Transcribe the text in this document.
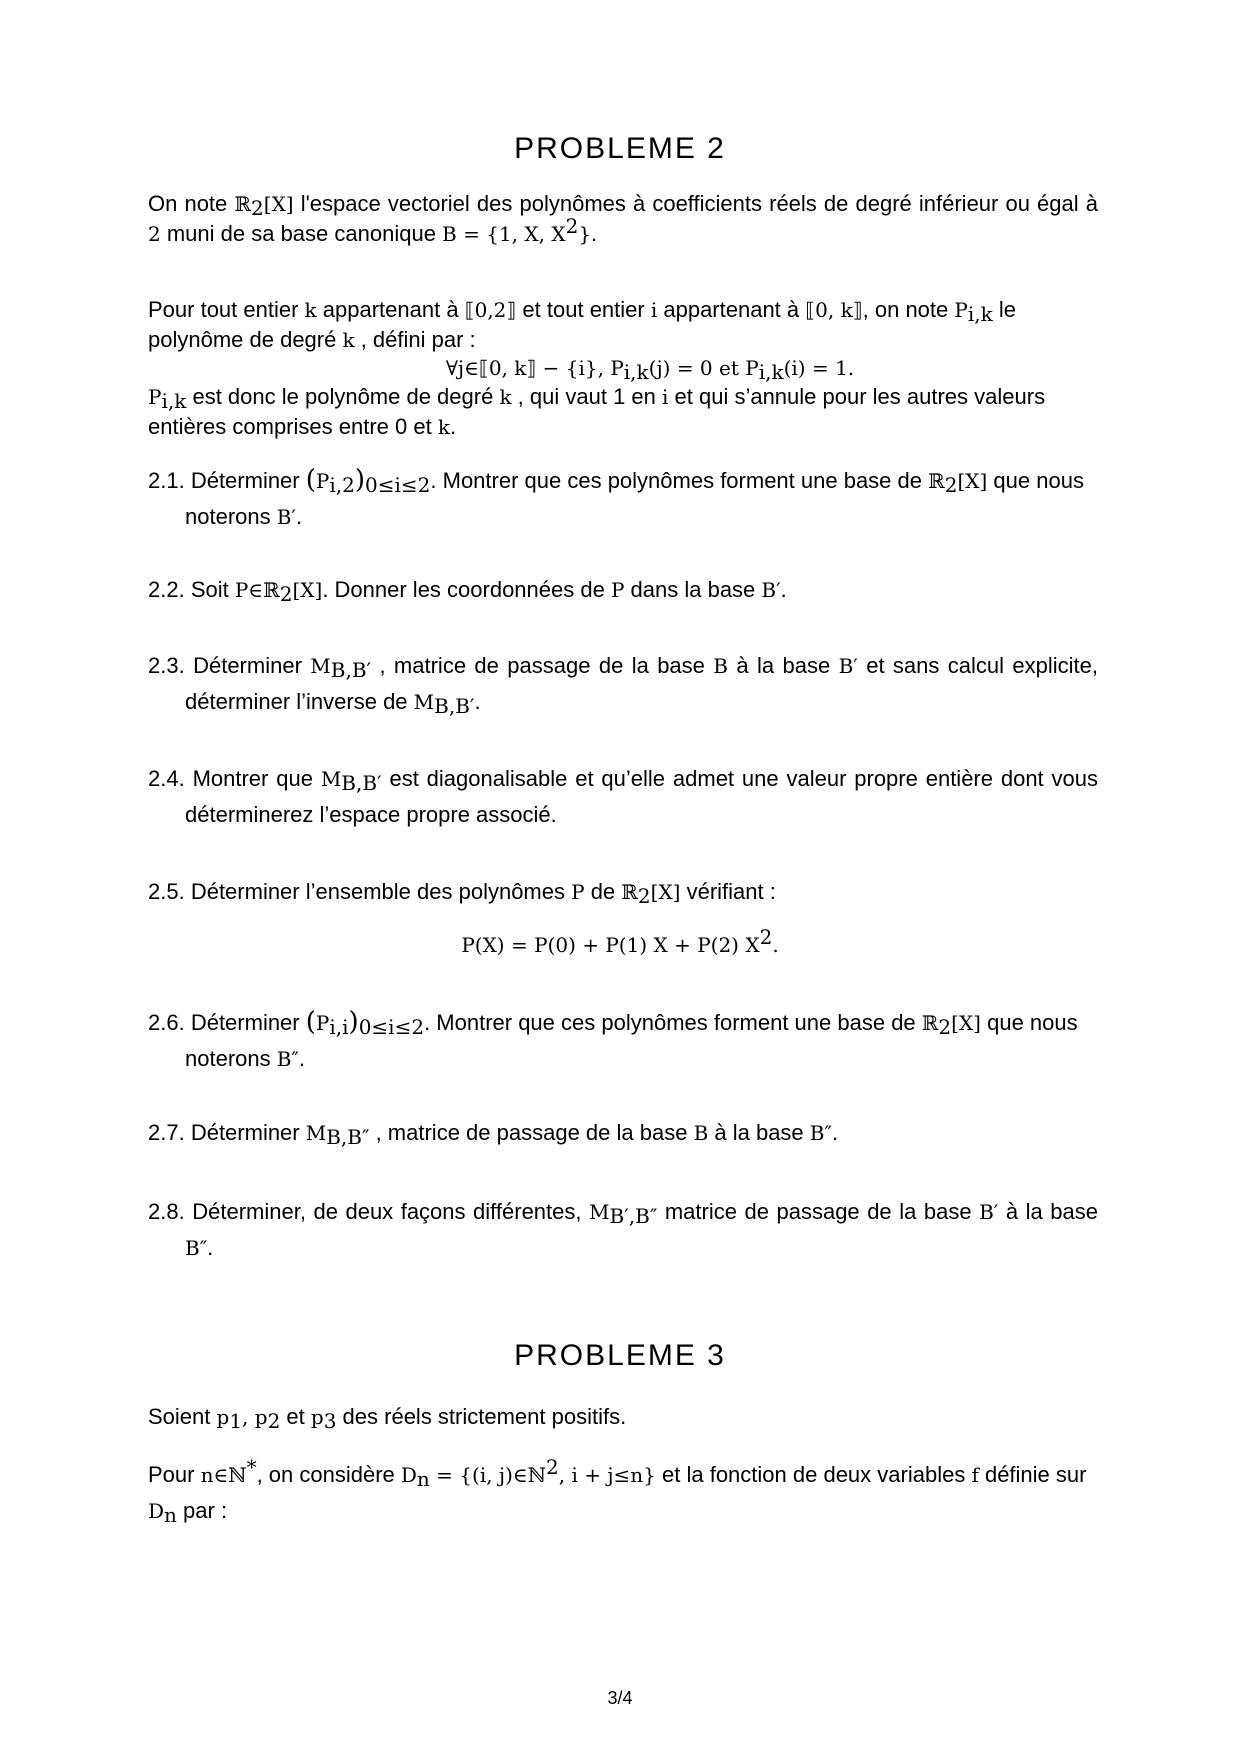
PROBLEME 2
On note ℝ$_2$[X] l'espace vectoriel des polynômes à coefficients réels de degré inférieur ou égal à 2 muni de sa base canonique B = {1, X, $X^2$}.
Pour tout entier k appartenant à ⟦0,2⟧ et tout entier i appartenant à ⟦0, k⟧, on note $P_{i,k}$ le polynôme de degré k , défini par :
∀j∈⟦0, k⟧ − {i}, $P_{i,k}(j) = 0$ et $P_{i,k}(i) = 1$.
$P_{i,k}$ est donc le polynôme de degré k , qui vaut 1 en i et qui s’annule pour les autres valeurs entières comprises entre 0 et k.
2.1. Déterminer $(P_{i,2})_{0\le i\le 2}$. Montrer que ces polynômes forment une base de ℝ$_2$[X] que nous noterons B′.
2.2. Soit P∈ℝ$_2$[X]. Donner les coordonnées de P dans la base B′.
2.3. Déterminer $M_{B,B'}$ , matrice de passage de la base B à la base B′ et sans calcul explicite, déterminer l’inverse de $M_{B,B'}$.
2.4. Montrer que $M_{B,B'}$ est diagonalisable et qu’elle admet une valeur propre entière dont vous déterminerez l’espace propre associé.
2.5. Déterminer l’ensemble des polynômes P de ℝ$_2$[X] vérifiant :
P(X) = P(0) + P(1) X + P(2) $X^2$.
2.6. Déterminer $(P_{i,i})_{0\le i\le 2}$. Montrer que ces polynômes forment une base de ℝ$_2$[X] que nous noterons B″.
2.7. Déterminer $M_{B,B''}$ , matrice de passage de la base B à la base B″.
2.8. Déterminer, de deux façons différentes, $M_{B',B''}$ matrice de passage de la base B′ à la base B″.
PROBLEME 3
Soient $p_1$, $p_2$ et $p_3$ des réels strictement positifs.
Pour n∈ℕ*, on considère $D_n = \{(i$, j)∈ℕ$^2$, i + j≤n} et la fonction de deux variables f définie sur $D_n$ par :
3/4
